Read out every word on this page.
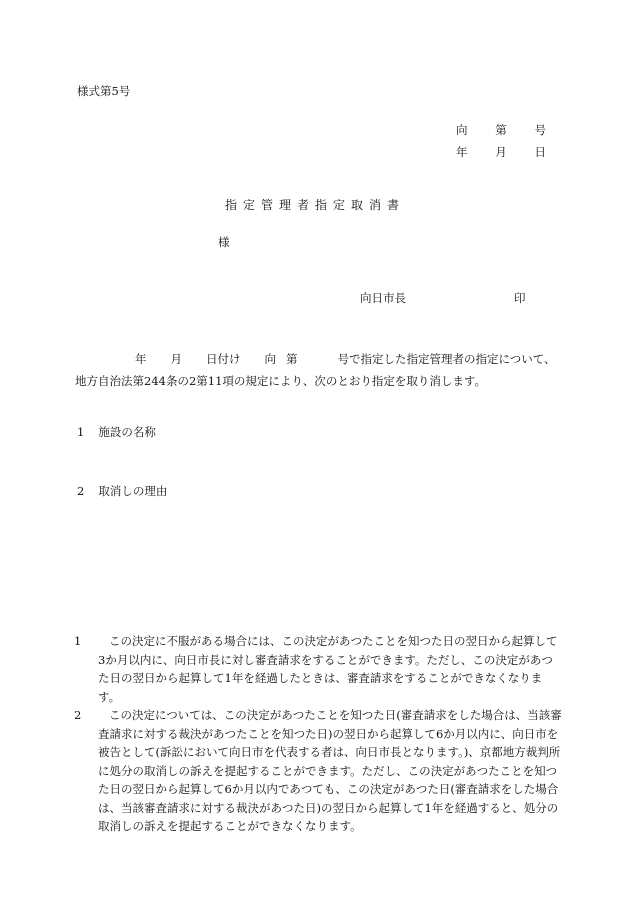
様式第5号
向 第 号
年 月 日
指定管理者指定取消書
様
向日市長	印
年 月 日付け 向 第	号で指定した指定管理者の指定について、地方自治法第244条の2第11項の規定により、次のとおり指定を取り消します。
1 施設の名称
2 取消しの理由
1	この決定に不服がある場合には、この決定があつたことを知つた日の翌日から起算して3か月以内に、向日市長に対し審査請求をすることができます。ただし、この決定があつた日の翌日から起算して1年を経過したときは、審査請求をすることができなくなります。
2	この決定については、この決定があつたことを知つた日(審査請求をした場合は、当該審査請求に対する裁決があつたことを知つた日)の翌日から起算して6か月以内に、向日市を被告として(訴訟において向日市を代表する者は、向日市長となります。)、京都地方裁判所に処分の取消しの訴えを提起することができます。ただし、この決定があつたことを知つた日の翌日から起算して6か月以内であつても、この決定があつた日(審査請求をした場合は、当該審査請求に対する裁決があつた日)の翌日から起算して1年を経過すると、処分の取消しの訴えを提起することができなくなります。
